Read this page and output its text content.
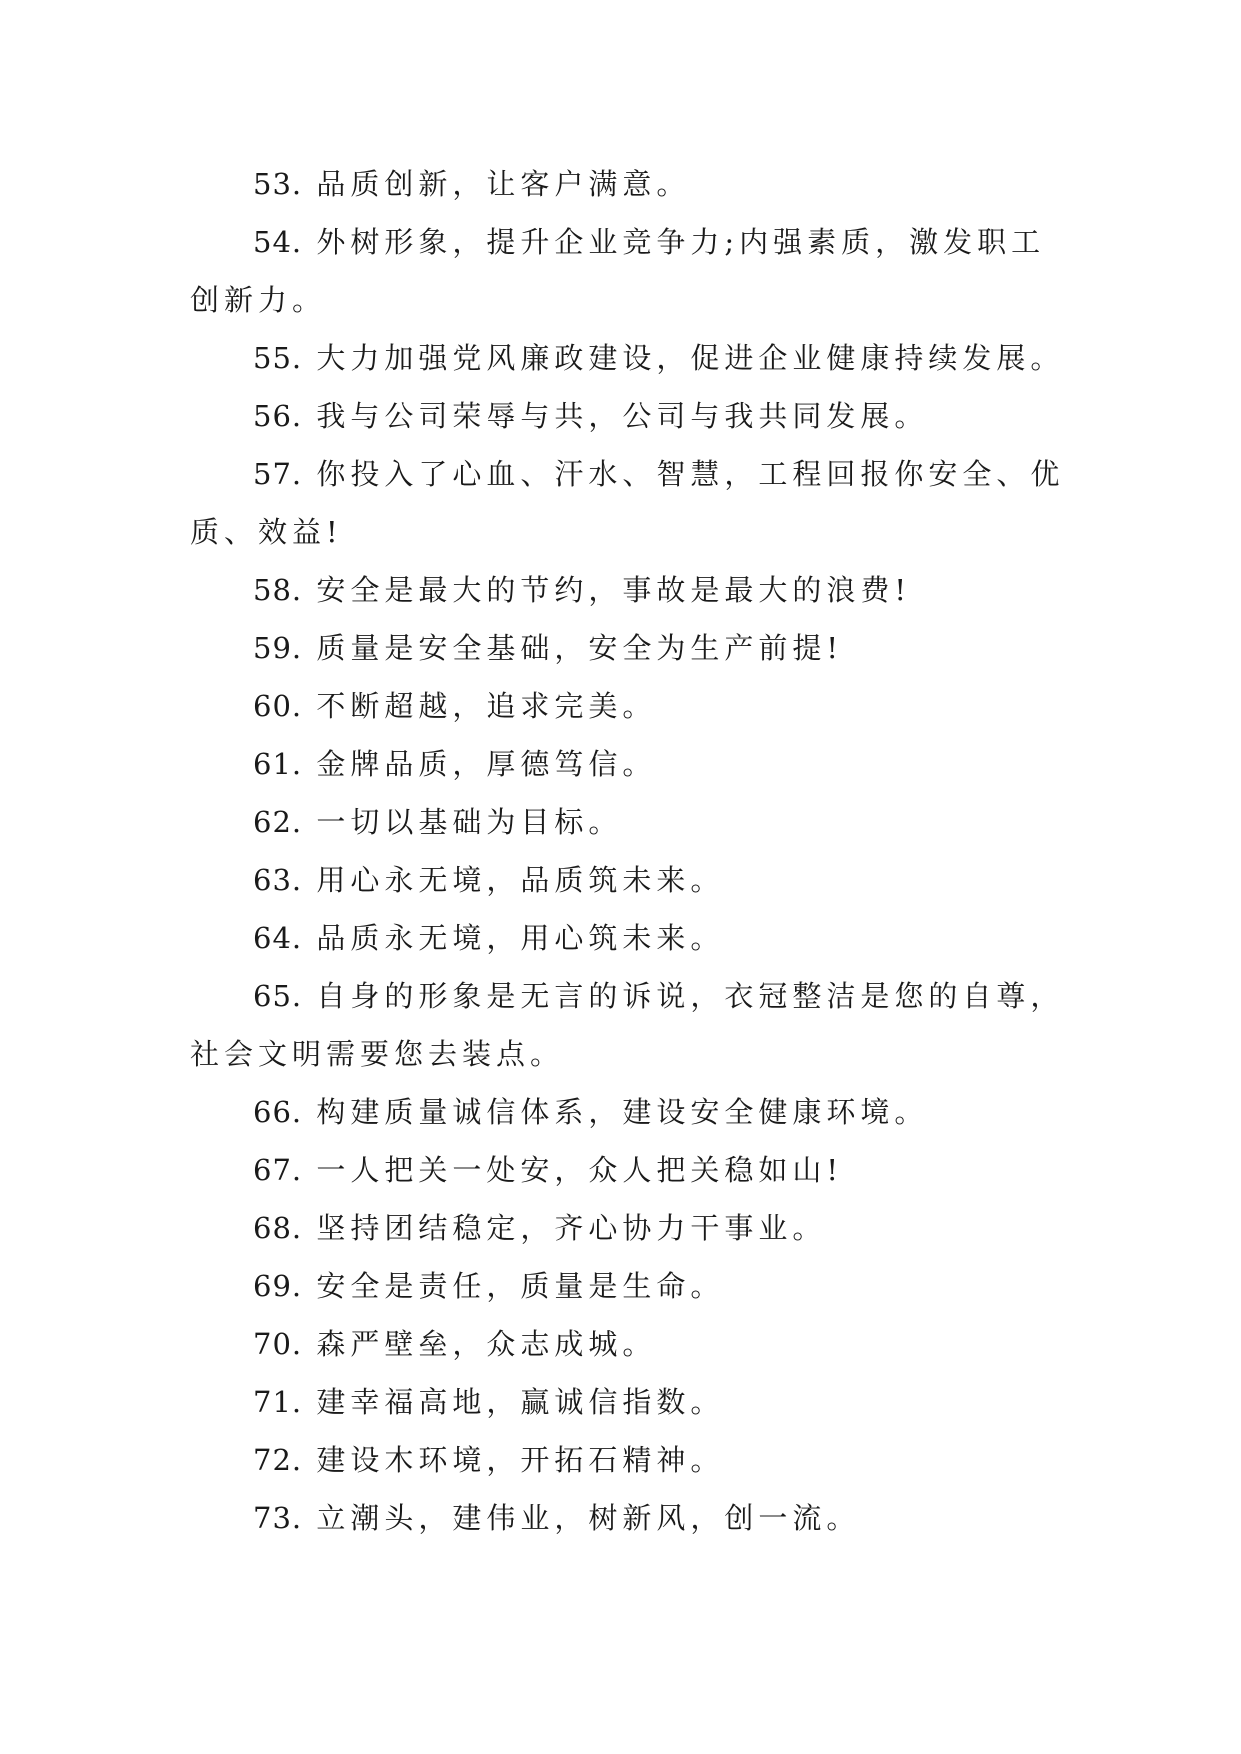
53. 品质创新，让客户满意。

54. 外树形象，提升企业竞争力;内强素质，激发职工创新力。

55. 大力加强党风廉政建设，促进企业健康持续发展。

56. 我与公司荣辱与共，公司与我共同发展。

57. 你投入了心血、汗水、智慧，工程回报你安全、优质、效益!

58. 安全是最大的节约，事故是最大的浪费!

59. 质量是安全基础，安全为生产前提!

60. 不断超越，追求完美。

61. 金牌品质，厚德笃信。

62. 一切以基础为目标。

63. 用心永无境，品质筑未来。

64. 品质永无境，用心筑未来。

65. 自身的形象是无言的诉说，衣冠整洁是您的自尊，社会文明需要您去装点。

66. 构建质量诚信体系，建设安全健康环境。

67. 一人把关一处安，众人把关稳如山!

68. 坚持团结稳定，齐心协力干事业。

69. 安全是责任，质量是生命。

70. 森严壁垒，众志成城。

71. 建幸福高地，赢诚信指数。

72. 建设木环境，开拓石精神。

73. 立潮头，建伟业，树新风，创一流。
